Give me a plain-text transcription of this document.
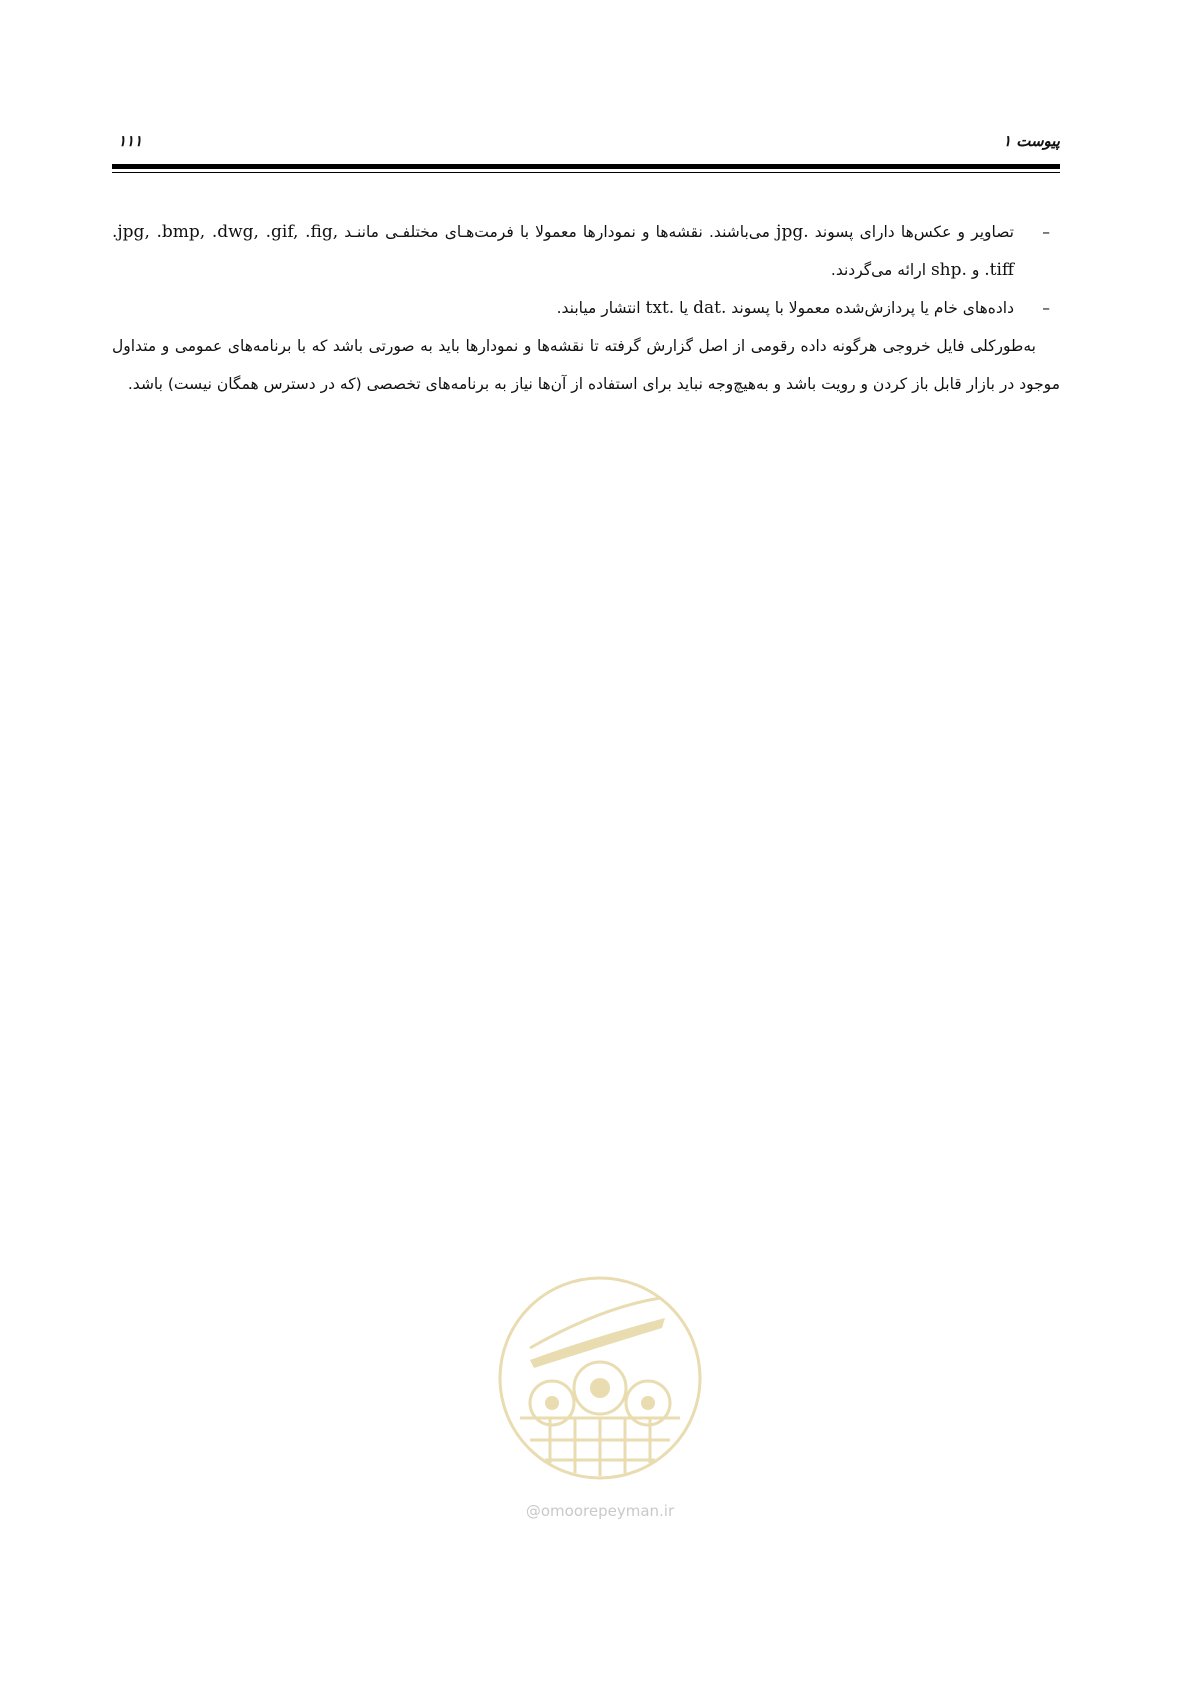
۱۱۱	پیوست ۱

–
تصاویر و عکس‌ها دارای پسوند jpg. می‌باشند. نقشه‌ها و نمودارها معمولا با فرمت‌هـای مختلفـی ماننـد .jpg, .bmp, .dwg, .gif, .fig, .tiff و shp. ارائه می‌گردند.

–
داده‌های خام یا پردازش‌شده معمولا با پسوند dat. یا txt. انتشار میابند.

به‌طورکلی فایل خروجی هرگونه داده رقومی از اصل گزارش گرفته تا نقشه‌ها و نمودارها باید به صورتی باشد که با برنامه‌های عمومی و متداول موجود در بازار قابل باز کردن و رویت باشد و به‌هیچ‌وجه نباید برای استفاده از آن‌ها نیاز به برنامه‌های تخصصی (که در دسترس همگان نیست) باشد.

@omoorepeyman.ir
